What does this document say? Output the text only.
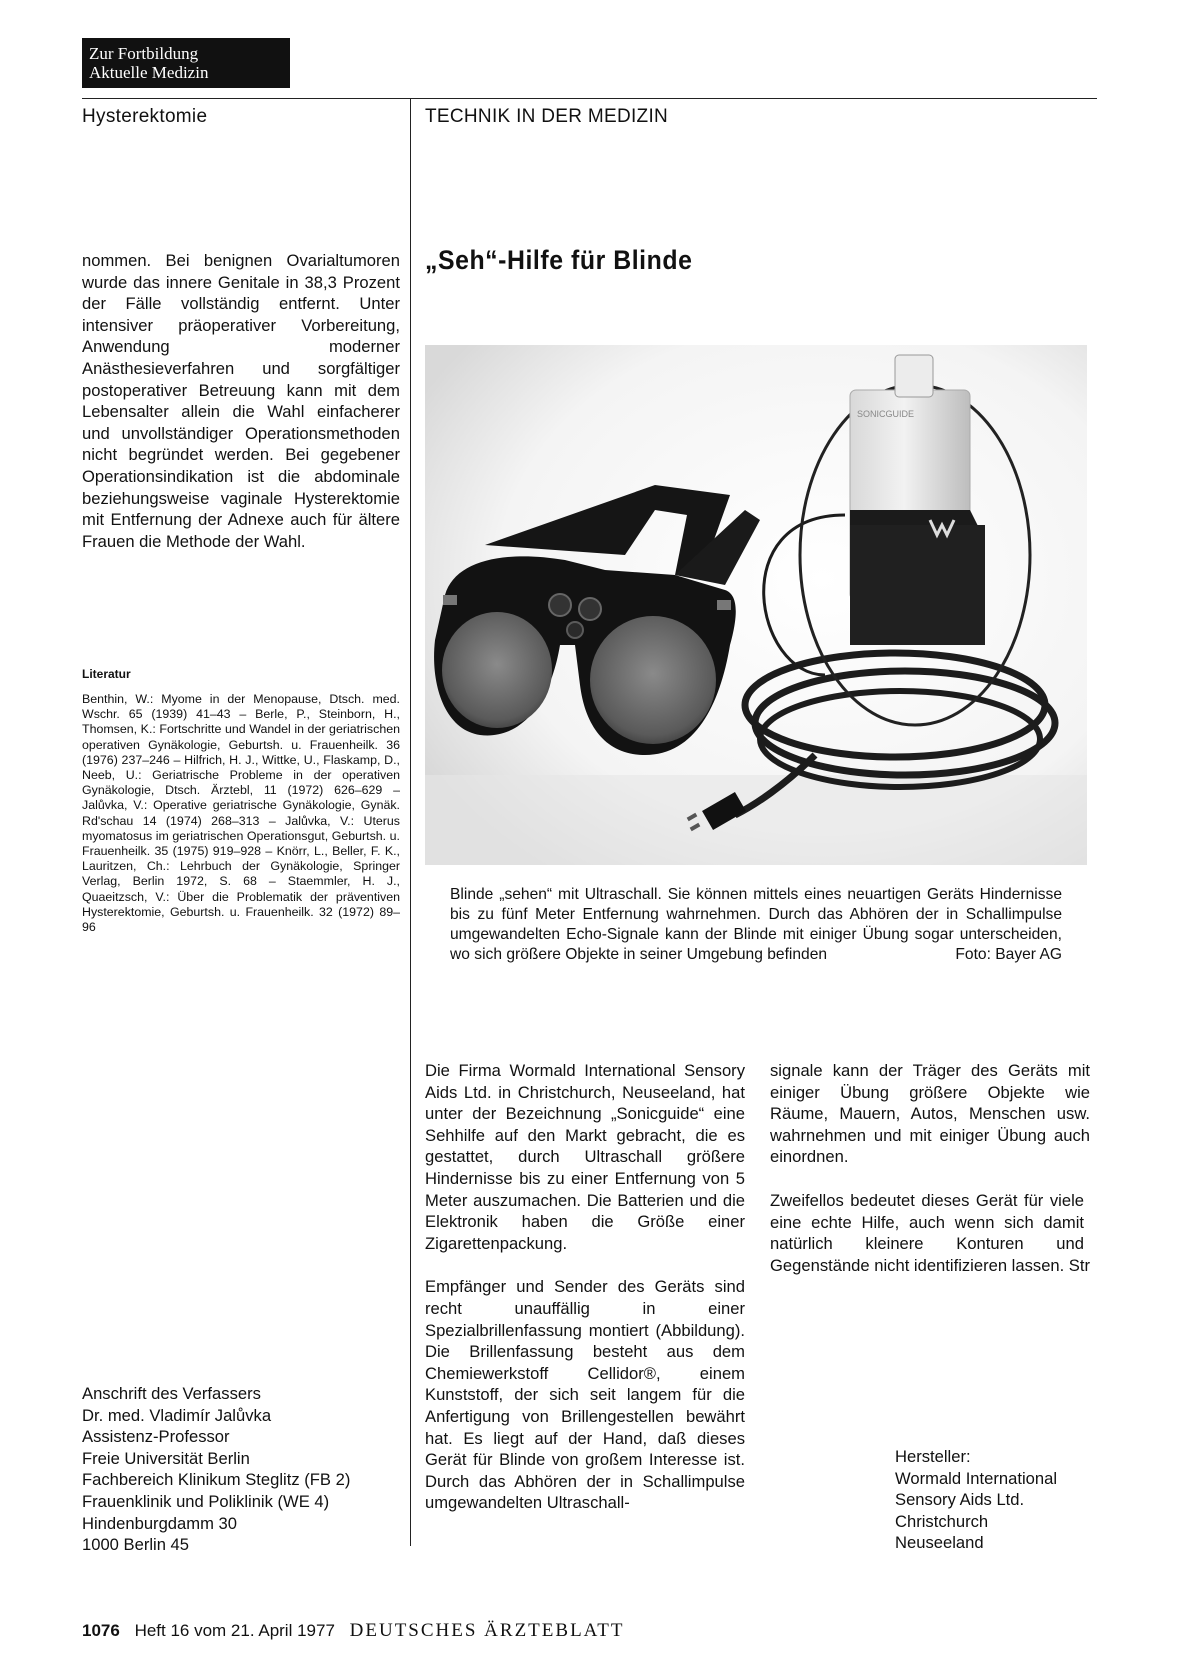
Zur Fortbildung
Aktuelle Medizin
Hysterektomie	TECHNIK IN DER MEDIZIN
nommen. Bei benignen Ovarialtumoren wurde das innere Genitale in 38,3 Prozent der Fälle vollständig entfernt. Unter intensiver präoperativer Vorbereitung, Anwendung moderner Anästhesieverfahren und sorgfältiger postoperativer Betreuung kann mit dem Lebensalter allein die Wahl einfacherer und unvollständiger Operationsmethoden nicht begründet werden. Bei gegebener Operationsindikation ist die abdominale beziehungsweise vaginale Hysterektomie mit Entfernung der Adnexe auch für ältere Frauen die Methode der Wahl.
Literatur
Benthin, W.: Myome in der Menopause, Dtsch. med. Wschr. 65 (1939) 41–43 – Berle, P., Steinborn, H., Thomsen, K.: Fortschritte und Wandel in der geriatrischen operativen Gynäkologie, Geburtsh. u. Frauenheilk. 36 (1976) 237–246 – Hilfrich, H. J., Wittke, U., Flaskamp, D., Neeb, U.: Geriatrische Probleme in der operativen Gynäkologie, Dtsch. Ärztebl, 11 (1972) 626–629 – Jalůvka, V.: Operative geriatrische Gynäkologie, Gynäk. Rd'schau 14 (1974) 268–313 – Jalůvka, V.: Uterus myomatosus im geriatrischen Operationsgut, Geburtsh. u. Frauenheilk. 35 (1975) 919–928 – Knörr, L., Beller, F. K., Lauritzen, Ch.: Lehrbuch der Gynäkologie, Springer Verlag, Berlin 1972, S. 68 – Staemmler, H. J., Quaeitzsch, V.: Über die Problematik der präventiven Hysterektomie, Geburtsh. u. Frauenheilk. 32 (1972) 89–96
Anschrift des Verfassers
Dr. med. Vladimír Jalůvka
Assistenz-Professor
Freie Universität Berlin
Fachbereich Klinikum Steglitz (FB 2)
Frauenklinik und Poliklinik (WE 4)
Hindenburgdamm 30
1000 Berlin 45
„Seh“-Hilfe für Blinde
SONICGUIDE
Blinde „sehen“ mit Ultraschall. Sie können mittels eines neuartigen Geräts Hindernisse bis zu fünf Meter Entfernung wahrnehmen. Durch das Abhören der in Schallimpulse umgewandelten Echo-Signale kann der Blinde mit einiger Übung sogar unterscheiden, wo sich größere Objekte in seiner Umgebung befinden	Foto: Bayer AG
Die Firma Wormald International Sensory Aids Ltd. in Christchurch, Neuseeland, hat unter der Bezeichnung „Sonicguide“ eine Sehhilfe auf den Markt gebracht, die es gestattet, durch Ultraschall größere Hindernisse bis zu einer Entfernung von 5 Meter auszumachen. Die Batterien und die Elektronik haben die Größe einer Zigarettenpackung.
Empfänger und Sender des Geräts sind recht unauffällig in einer Spezialbrillenfassung montiert (Abbildung). Die Brillenfassung besteht aus dem Chemiewerkstoff Cellidor®, einem Kunststoff, der sich seit langem für die Anfertigung von Brillengestellen bewährt hat. Es liegt auf der Hand, daß dieses Gerät für Blinde von großem Interesse ist. Durch das Abhören der in Schallimpulse umgewandelten Ultraschall-
signale kann der Träger des Geräts mit einiger Übung größere Objekte wie Räume, Mauern, Autos, Menschen usw. wahrnehmen und mit einiger Übung auch einordnen.
Zweifellos bedeutet dieses Gerät für viele eine echte Hilfe, auch wenn sich damit natürlich kleinere Konturen und Gegenstände nicht identifizieren lassen. Str
Hersteller:
Wormald International
Sensory Aids Ltd.
Christchurch
Neuseeland
1076 Heft 16 vom 21. April 1977 DEUTSCHES ÄRZTEBLATT
